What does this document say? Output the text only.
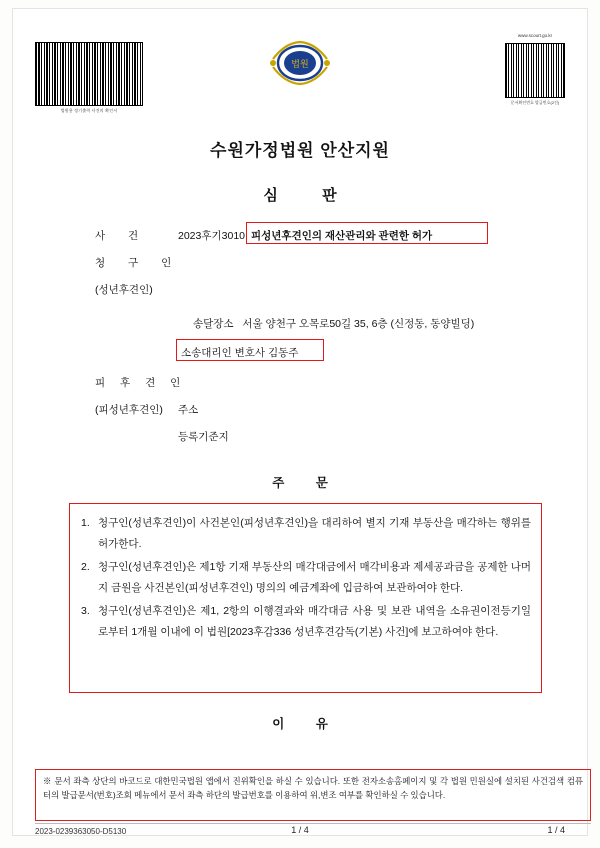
법원용 정기출력 사건의 확인서
www.scourt.go.kr
문서확인번호 발급번호(2건)
법원
수원가정법원 안산지원
심 판
사 건	2023후기3010 피성년후견인의 재산관리와 관련한 허가
청 구 인
(성년후견인)
송달장소 서울 양천구 오목로50길 35, 6층 (신정동, 동양빌딩)
소송대리인 변호사 김동주
피 후 견 인
(피성년후견인) 주소
등록기준지
주 문
1. 청구인(성년후견인)이 사건본인(피성년후견인)을 대리하여 별지 기재 부동산을 매각하는 행위를 허가한다.
2. 청구인(성년후견인)은 제1항 기재 부동산의 매각대금에서 매각비용과 제세공과금을 공제한 나머지 금원을 사건본인(피성년후견인) 명의의 예금계좌에 입금하여 보관하여야 한다.
3. 청구인(성년후견인)은 제1, 2항의 이행결과와 매각대금 사용 및 보관 내역을 소유권이전등기일로부터 1개월 이내에 이 법원[2023후감336 성년후견감독(기본) 사건]에 보고하여야 한다.
이 유
※ 문서 좌측 상단의 바코드로 대한민국법원 앱에서 진위확인을 하실 수 있습니다. 또한 전자소송홈페이지 및 각 법원 민원실에 설치된 사건검색 컴퓨터의 발급문서(번호)조회 메뉴에서 문서 좌측 하단의 발급번호를 이용하여 위,변조 여부를 확인하실 수 있습니다.
2023-0239363050-D5130	1 / 4	1 / 4
